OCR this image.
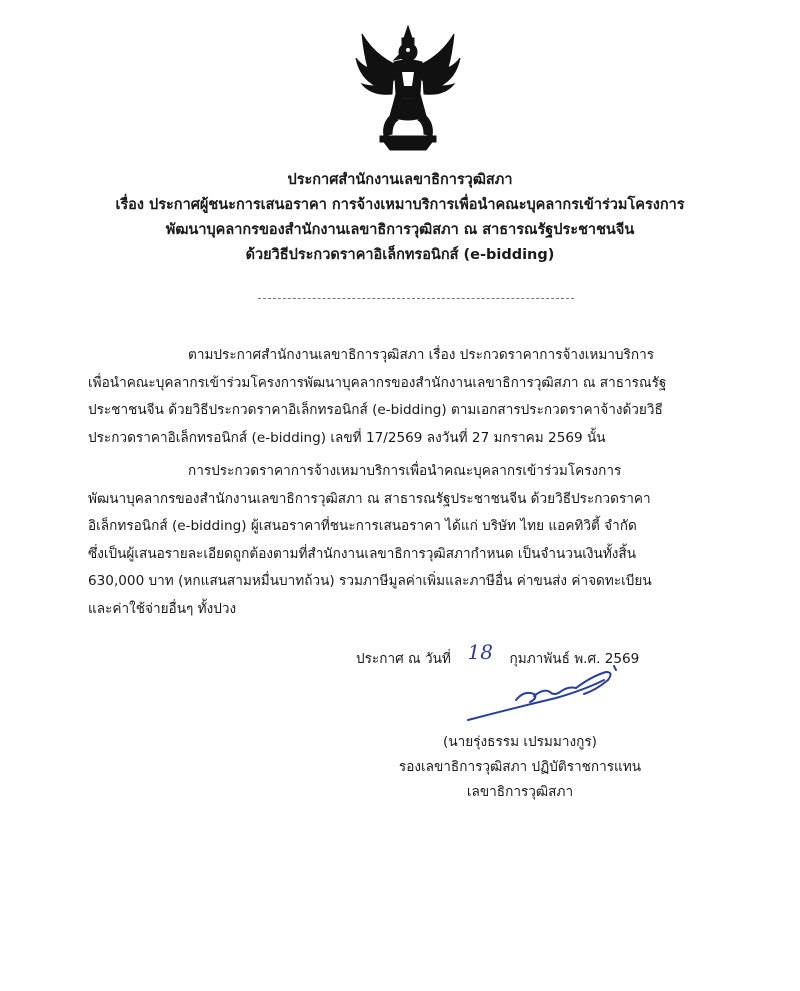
ประกาศสำนักงานเลขาธิการวุฒิสภา
เรื่อง ประกาศผู้ชนะการเสนอราคา การจ้างเหมาบริการเพื่อนำคณะบุคลากรเข้าร่วมโครงการ
พัฒนาบุคลากรของสำนักงานเลขาธิการวุฒิสภา ณ สาธารณรัฐประชาชนจีน
ด้วยวิธีประกวดราคาอิเล็กทรอนิกส์ (e-bidding)
ตามประกาศสำนักงานเลขาธิการวุฒิสภา เรื่อง ประกวดราคาการจ้างเหมาบริการ
เพื่อนำคณะบุคลากรเข้าร่วมโครงการพัฒนาบุคลากรของสำนักงานเลขาธิการวุฒิสภา ณ สาธารณรัฐ
ประชาชนจีน ด้วยวิธีประกวดราคาอิเล็กทรอนิกส์ (e-bidding) ตามเอกสารประกวดราคาจ้างด้วยวิธี
ประกวดราคาอิเล็กทรอนิกส์ (e-bidding) เลขที่ 17/2569 ลงวันที่ 27 มกราคม 2569 นั้น
การประกวดราคาการจ้างเหมาบริการเพื่อนำคณะบุคลากรเข้าร่วมโครงการ
พัฒนาบุคลากรของสำนักงานเลขาธิการวุฒิสภา ณ สาธารณรัฐประชาชนจีน ด้วยวิธีประกวดราคา
อิเล็กทรอนิกส์ (e-bidding) ผู้เสนอราคาที่ชนะการเสนอราคา ได้แก่ บริษัท ไทย แอคทิวิตี้ จำกัด
ซึ่งเป็นผู้เสนอรายละเอียดถูกต้องตามที่สำนักงานเลขาธิการวุฒิสภากำหนด เป็นจำนวนเงินทั้งสิ้น
630,000 บาท (หกแสนสามหมื่นบาทถ้วน) รวมภาษีมูลค่าเพิ่มและภาษีอื่น ค่าขนส่ง ค่าจดทะเบียน
และค่าใช้จ่ายอื่นๆ ทั้งปวง
ประกาศ ณ วันที่ 18 กุมภาพันธ์ พ.ศ. 2569
(นายรุ่งธรรม เปรมมางกูร)
รองเลขาธิการวุฒิสภา ปฏิบัติราชการแทน
เลขาธิการวุฒิสภา
